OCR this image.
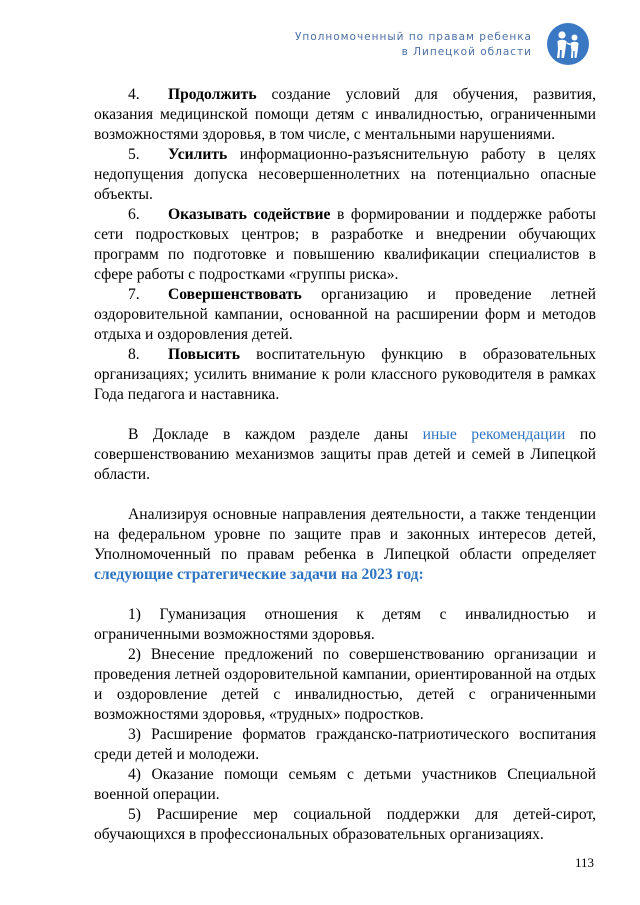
Уполномоченный по правам ребенка
в Липецкой области

4. Продолжить создание условий для обучения, развития, оказания медицинской помощи детям с инвалидностью, ограниченными возможностями здоровья, в том числе, с ментальными нарушениями.

5. Усилить информационно-разъяснительную работу в целях недопущения допуска несовершеннолетних на потенциально опасные объекты.

6. Оказывать содействие в формировании и поддержке работы сети подростковых центров; в разработке и внедрении обучающих программ по подготовке и повышению квалификации специалистов в сфере работы с подростками «группы риска».

7. Совершенствовать организацию и проведение летней оздоровительной кампании, основанной на расширении форм и методов отдыха и оздоровления детей.

8. Повысить воспитательную функцию в образовательных организациях; усилить внимание к роли классного руководителя в рамках Года педагога и наставника.

В Докладе в каждом разделе даны иные рекомендации по совершенствованию механизмов защиты прав детей и семей в Липецкой области.

Анализируя основные направления деятельности, а также тенденции на федеральном уровне по защите прав и законных интересов детей, Уполномоченный по правам ребенка в Липецкой области определяет следующие стратегические задачи на 2023 год:

1) Гуманизация отношения к детям с инвалидностью и ограниченными возможностями здоровья.

2) Внесение предложений по совершенствованию организации и проведения летней оздоровительной кампании, ориентированной на отдых и оздоровление детей с инвалидностью, детей с ограниченными возможностями здоровья, «трудных» подростков.

3) Расширение форматов гражданско-патриотического воспитания среди детей и молодежи.

4) Оказание помощи семьям с детьми участников Специальной военной операции.

5) Расширение мер социальной поддержки для детей-сирот, обучающихся в профессиональных образовательных организациях.

113
